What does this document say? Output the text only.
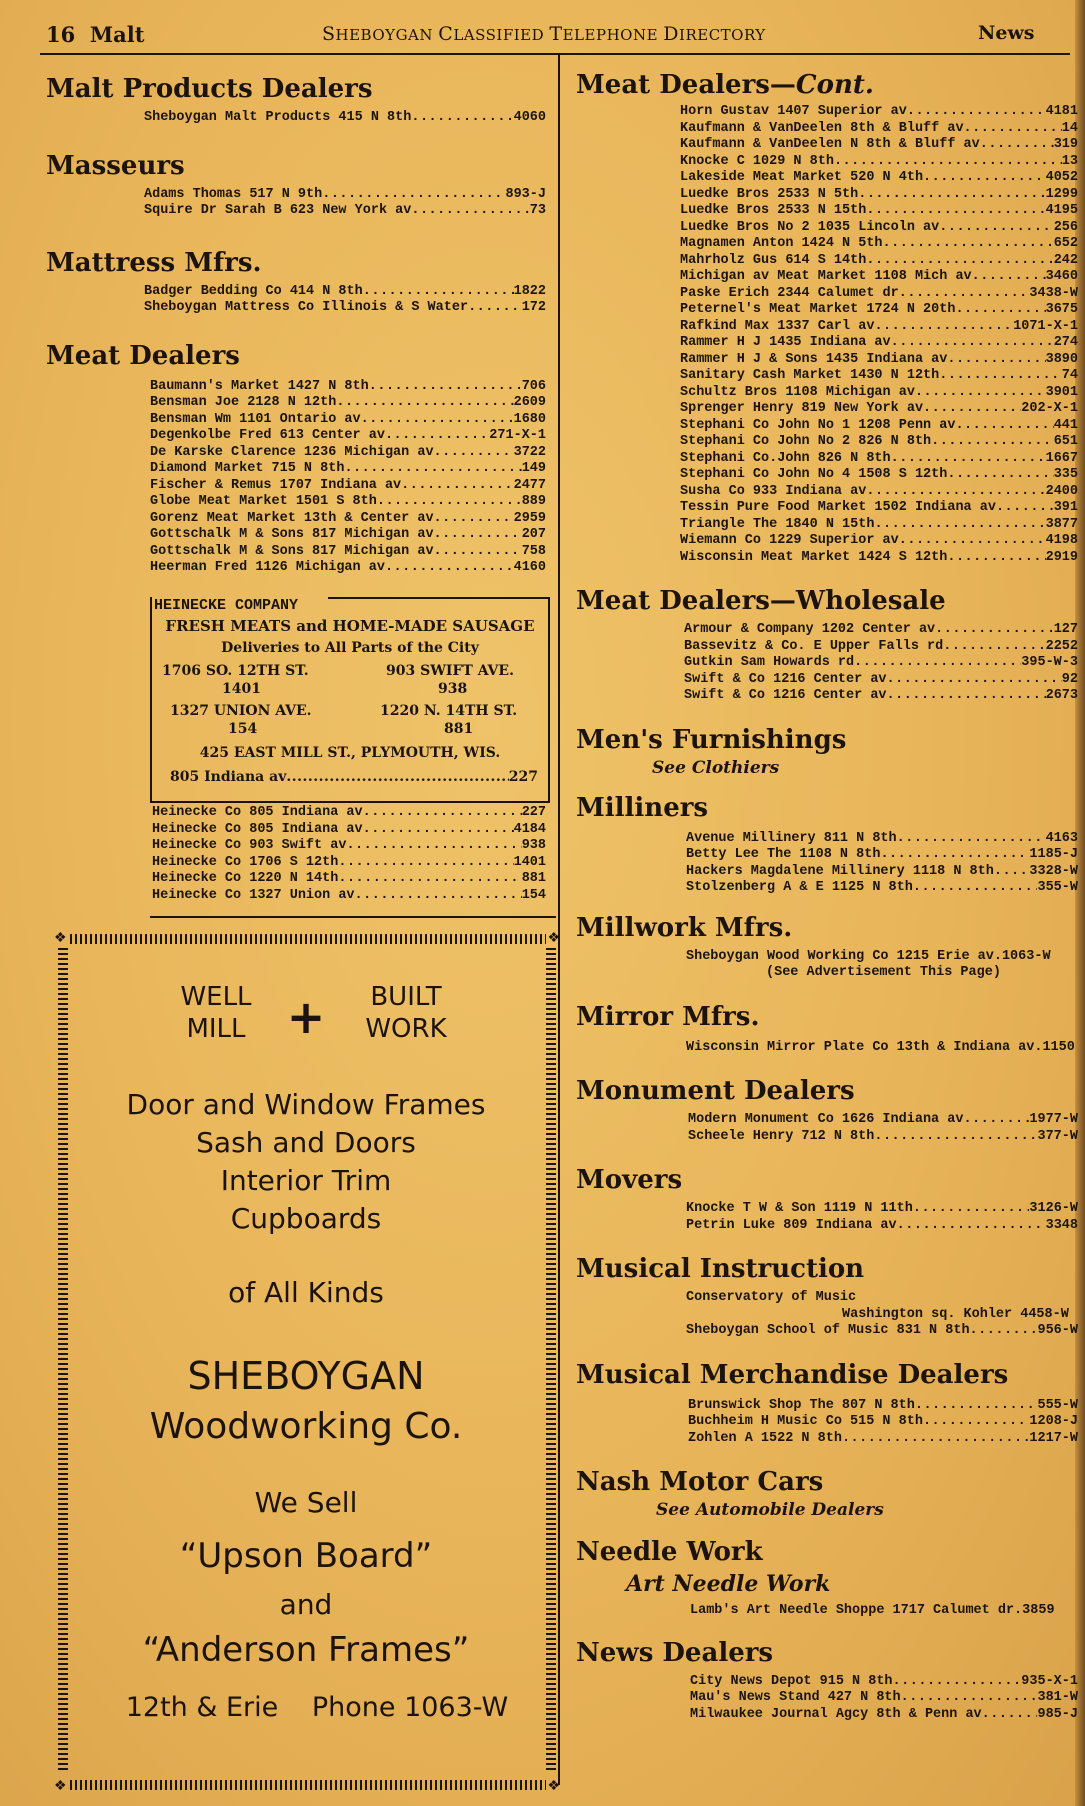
16 Malt	SHEBOYGAN CLASSIFIED TELEPHONE DIRECTORY	News
Malt Products Dealers
Sheboygan Malt Products 415 N 8th .....	4060
Masseurs
Adams Thomas 517 N 9th .....	893-J
Squire Dr Sarah B 623 New York av .....	73
Mattress Mfrs.
Badger Bedding Co 414 N 8th .....	1822
Sheboygan Mattress Co Illinois & S Water .....	172
Meat Dealers
Baumann's Market 1427 N 8th .....	706
Bensman Joe 2128 N 12th .....	2609
Bensman Wm 1101 Ontario av .....	1680
Degenkolbe Fred 613 Center av .....	271-X-1
De Karske Clarence 1236 Michigan av .....	3722
Diamond Market 715 N 8th .....	149
Fischer & Remus 1707 Indiana av .....	2477
Globe Meat Market 1501 S 8th .....	889
Gorenz Meat Market 13th & Center av .....	2959
Gottschalk M & Sons 817 Michigan av .....	207
Gottschalk M & Sons 817 Michigan av .....	758
Heerman Fred 1126 Michigan av .....	4160
HEINECKE COMPANY
FRESH MEATS and HOME-MADE SAUSAGE
Deliveries to All Parts of the City
1706 SO. 12TH ST.
1401
903 SWIFT AVE.
938
1327 UNION AVE.
154
1220 N. 14TH ST.
881
425 EAST MILL ST., PLYMOUTH, WIS.
805 Indiana av .....	227
Heinecke Co 805 Indiana av .....	227
Heinecke Co 805 Indiana av .....	4184
Heinecke Co 903 Swift av .....	938
Heinecke Co 1706 S 12th .....	1401
Heinecke Co 1220 N 14th .....	881
Heinecke Co 1327 Union av .....	154
❖	❖
❖	❖
WELL
MILL +	BUILT
WORK
Door and Window Frames
Sash and Doors
Interior Trim
Cupboards
of All Kinds
SHEBOYGAN
Woodworking Co.
We Sell
“Upson Board”
and
“Anderson Frames”
12th & Erie	Phone 1063-W
Meat Dealers—Cont.
Horn Gustav 1407 Superior av .....	4181
Kaufmann & VanDeelen 8th & Bluff av .....	14
Kaufmann & VanDeelen N 8th & Bluff av .....	319
Knocke C 1029 N 8th .....	13
Lakeside Meat Market 520 N 4th .....	4052
Luedke Bros 2533 N 5th .....	1299
Luedke Bros 2533 N 15th .....	4195
Luedke Bros No 2 1035 Lincoln av .....	256
Magnamen Anton 1424 N 5th .....	652
Mahrholz Gus 614 S 14th .....	242
Michigan av Meat Market 1108 Mich av .....	3460
Paske Erich 2344 Calumet dr .....	3438-W
Peternel's Meat Market 1724 N 20th .....	3675
Rafkind Max 1337 Carl av .....	1071-X-1
Rammer H J 1435 Indiana av .....	274
Rammer H J & Sons 1435 Indiana av .....	3890
Sanitary Cash Market 1430 N 12th .....	74
Schultz Bros 1108 Michigan av .....	3901
Sprenger Henry 819 New York av .....	202-X-1
Stephani Co John No 1 1208 Penn av .....	441
Stephani Co John No 2 826 N 8th .....	651
Stephani Co.John 826 N 8th .....	1667
Stephani Co John No 4 1508 S 12th .....	335
Susha Co 933 Indiana av .....	2400
Tessin Pure Food Market 1502 Indiana av .....	391
Triangle The 1840 N 15th .....	3877
Wiemann Co 1229 Superior av .....	4198
Wisconsin Meat Market 1424 S 12th .....	2919
Meat Dealers—Wholesale
Armour & Company 1202 Center av .....	127
Bassevitz & Co. E Upper Falls rd .....	2252
Gutkin Sam Howards rd .....	395-W-3
Swift & Co 1216 Center av .....	92
Swift & Co 1216 Center av .....	2673
Men's Furnishings
See Clothiers
Milliners
Avenue Millinery 811 N 8th .....	4163
Betty Lee The 1108 N 8th .....	1185-J
Hackers Magdalene Millinery 1118 N 8th .....	3328-W
Stolzenberg A & E 1125 N 8th .....	355-W
Millwork Mfrs.
Sheboygan Wood Working Co 1215 Erie av.1063-W
(See Advertisement This Page)
Mirror Mfrs.
Wisconsin Mirror Plate Co 13th & Indiana av.1150
Monument Dealers
Modern Monument Co 1626 Indiana av .....	1977-W
Scheele Henry 712 N 8th .....	377-W
Movers
Knocke T W & Son 1119 N 11th .....	3126-W
Petrin Luke 809 Indiana av .....	3348
Musical Instruction
Conservatory of Music
Washington sq. Kohler 4458-W
Sheboygan School of Music 831 N 8th .....	956-W
Musical Merchandise Dealers
Brunswick Shop The 807 N 8th .....	555-W
Buchheim H Music Co 515 N 8th .....	1208-J
Zohlen A 1522 N 8th .....	1217-W
Nash Motor Cars
See Automobile Dealers
Needle Work
Art Needle Work
Lamb's Art Needle Shoppe 1717 Calumet dr.3859
News Dealers
City News Depot 915 N 8th .....	935-X-1
Mau's News Stand 427 N 8th .....	381-W
Milwaukee Journal Agcy 8th & Penn av .....	985-J
